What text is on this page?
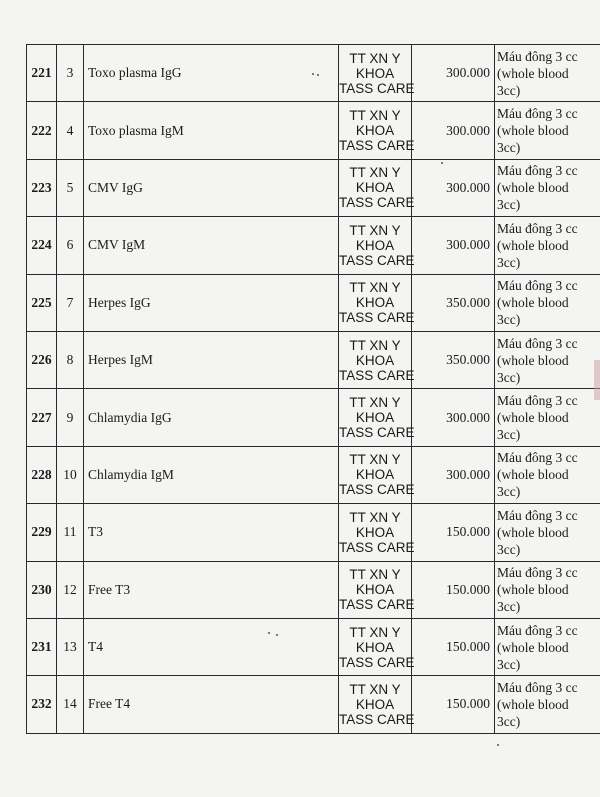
221	3	Toxo plasma IgG	TT XN Y
KHOA
TASS CARE	300.000	Máu đông 3 cc
(whole blood
3cc)

222	4	Toxo plasma IgM	TT XN Y
KHOA
TASS CARE	300.000	Máu đông 3 cc
(whole blood
3cc)

223	5	CMV IgG	TT XN Y
KHOA
TASS CARE	300.000	Máu đông 3 cc
(whole blood
3cc)

224	6	CMV IgM	TT XN Y
KHOA
TASS CARE	300.000	Máu đông 3 cc
(whole blood
3cc)

225	7	Herpes IgG	TT XN Y
KHOA
TASS CARE	350.000	Máu đông 3 cc
(whole blood
3cc)

226	8	Herpes IgM	TT XN Y
KHOA
TASS CARE	350.000	Máu đông 3 cc
(whole blood
3cc)

227	9	Chlamydia IgG	TT XN Y
KHOA
TASS CARE	300.000	Máu đông 3 cc
(whole blood
3cc)

228	10	Chlamydia IgM	TT XN Y
KHOA
TASS CARE	300.000	Máu đông 3 cc
(whole blood
3cc)

229	11	T3	TT XN Y
KHOA
TASS CARE	150.000	Máu đông 3 cc
(whole blood
3cc)

230	12	Free T3	TT XN Y
KHOA
TASS CARE	150.000	Máu đông 3 cc
(whole blood
3cc)

231	13	T4	TT XN Y
KHOA
TASS CARE	150.000	Máu đông 3 cc
(whole blood
3cc)

232	14	Free T4	TT XN Y
KHOA
TASS CARE	150.000	Máu đông 3 cc
(whole blood
3cc)
